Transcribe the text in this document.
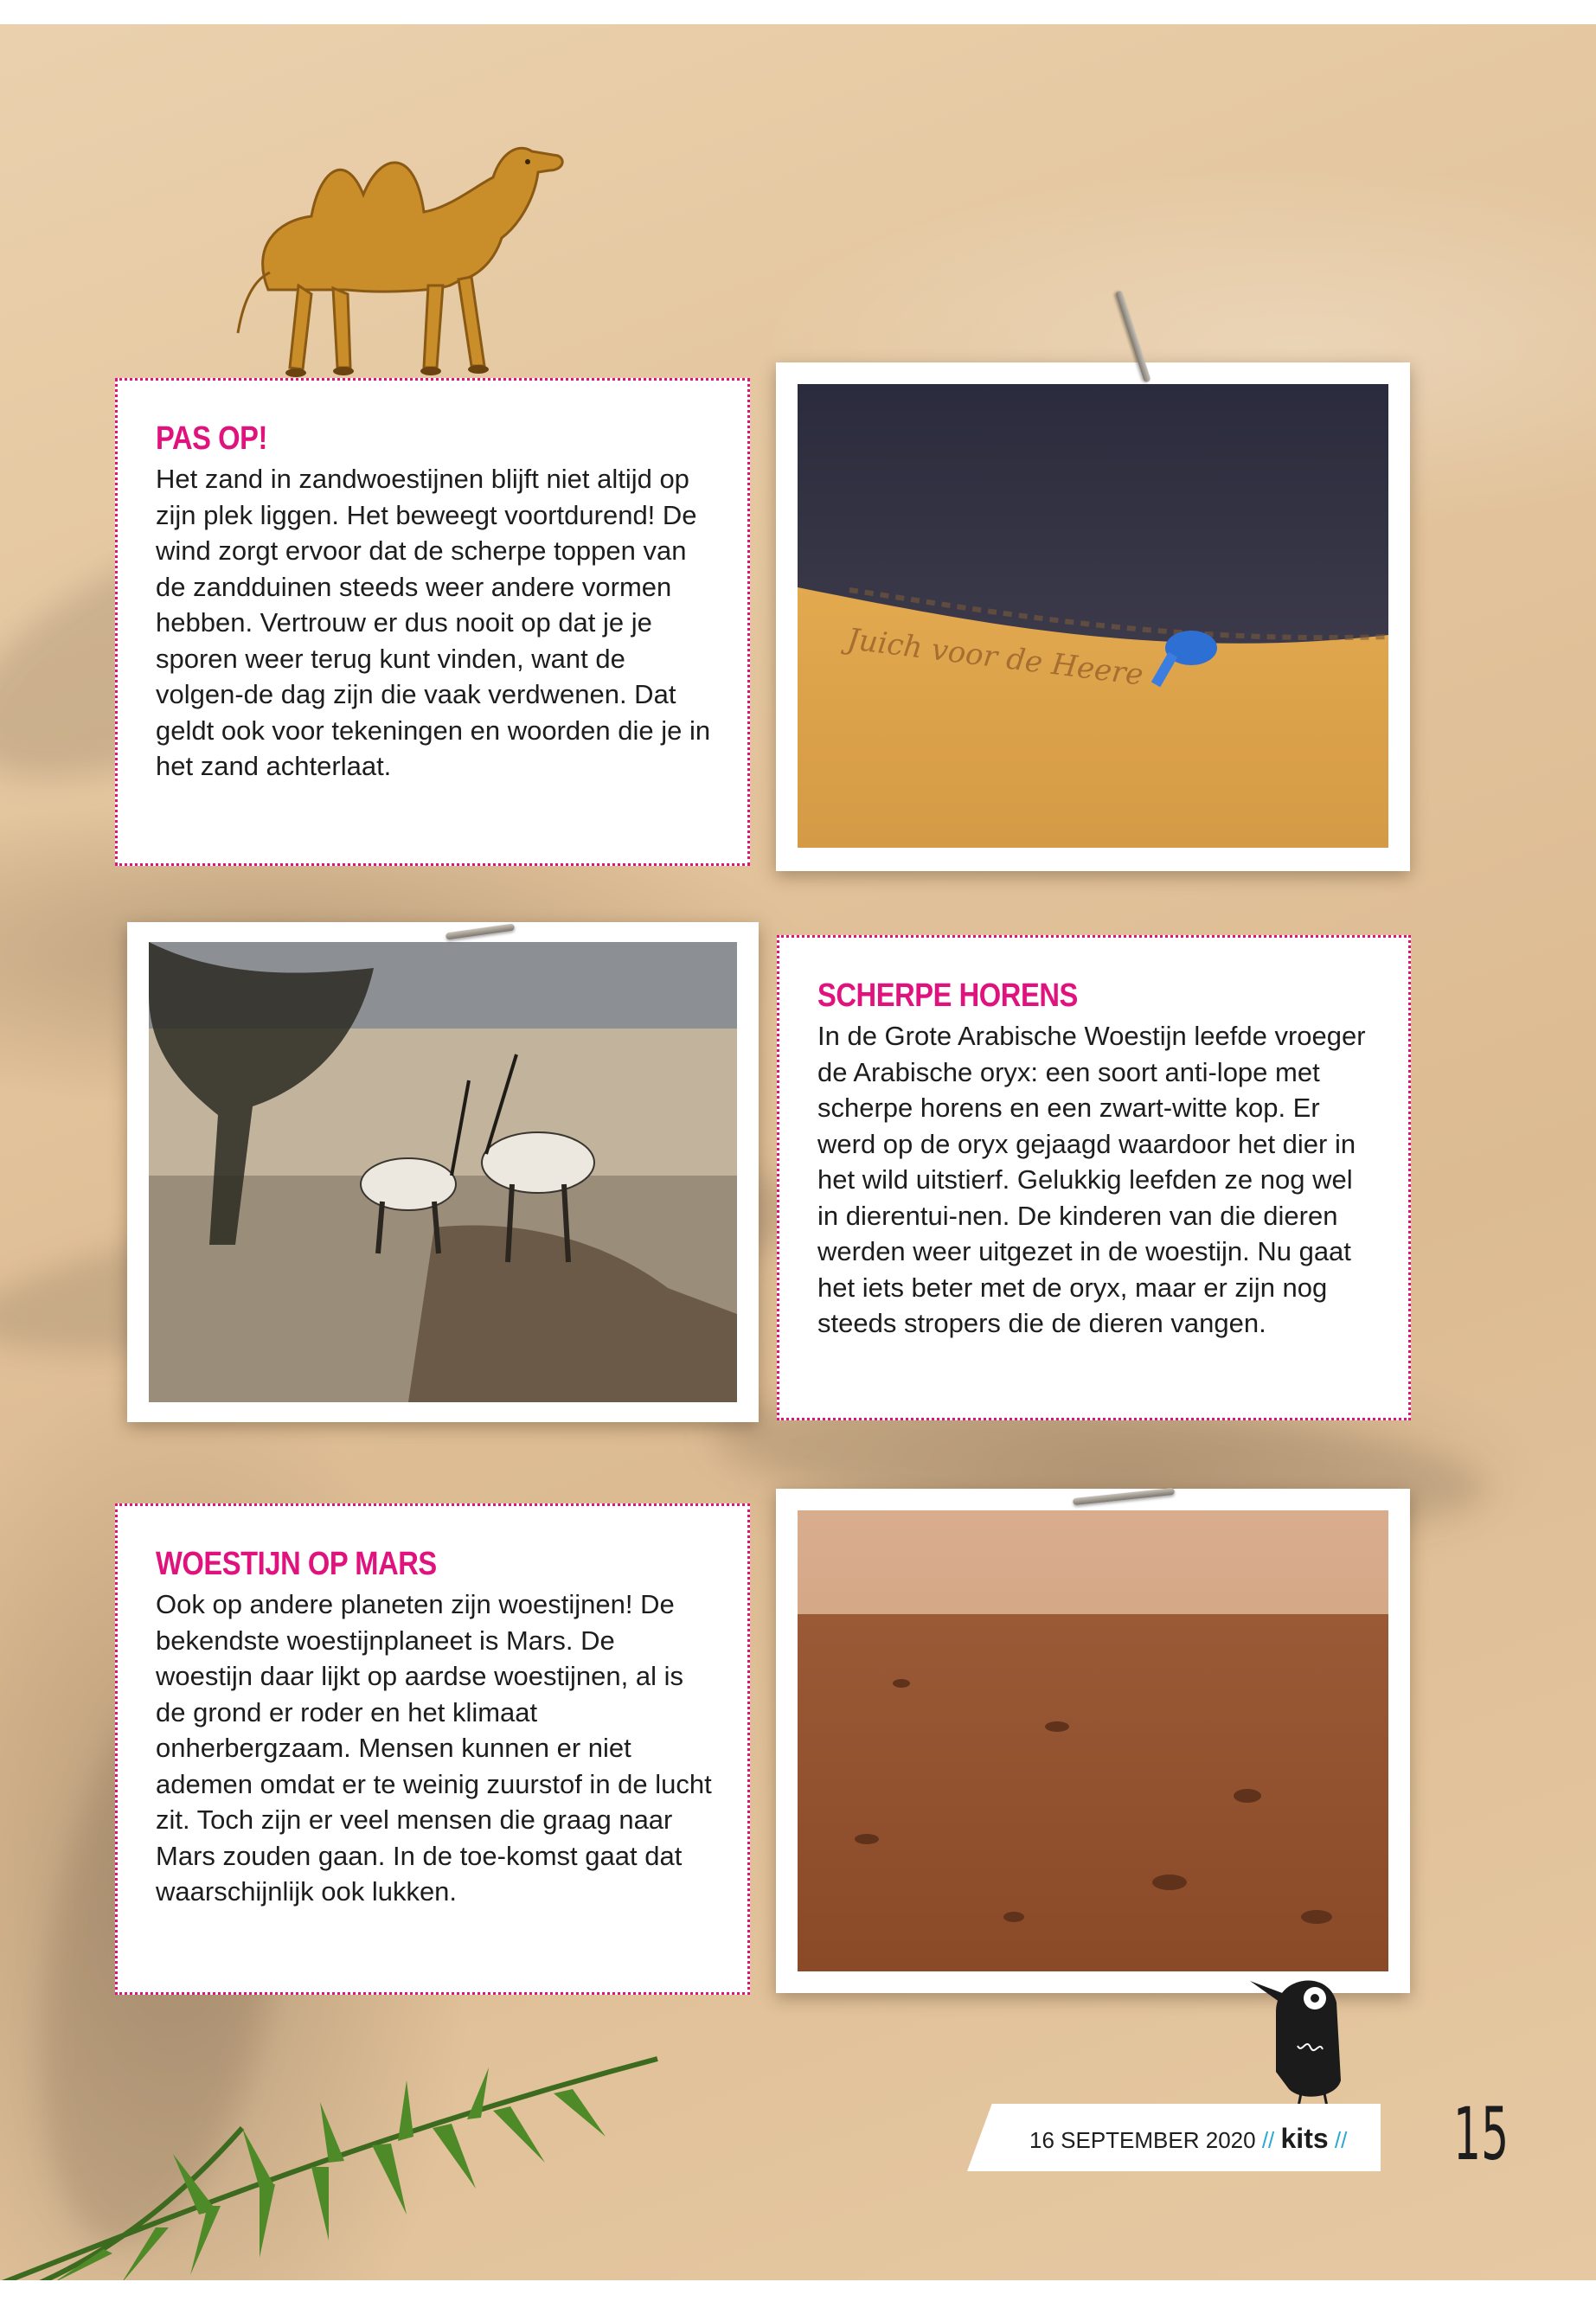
PAS OP!

Het zand in zandwoestijnen blijft niet altijd op zijn plek liggen. Het beweegt voortdurend! De wind zorgt ervoor dat de scherpe toppen van de zandduinen steeds weer andere vormen hebben. Vertrouw er dus nooit op dat je je sporen weer terug kunt vinden, want de volgen-de dag zijn die vaak verdwenen. Dat geldt ook voor tekeningen en woorden die je in het zand achterlaat.

Juich voor de Heere
SCHERPE HORENS

In de Grote Arabische Woestijn leefde vroeger de Arabische oryx: een soort anti-lope met scherpe horens en een zwart-witte kop. Er werd op de oryx gejaagd waardoor het dier in het wild uitstierf. Gelukkig leefden ze nog wel in dierentui-nen. De kinderen van die dieren werden weer uitgezet in de woestijn. Nu gaat het iets beter met de oryx, maar er zijn nog steeds stropers die de dieren vangen.

WOESTIJN OP MARS

Ook op andere planeten zijn woestijnen! De bekendste woestijnplaneet is Mars. De woestijn daar lijkt op aardse woestijnen, al is de grond er roder en het klimaat onherbergzaam. Mensen kunnen er niet ademen omdat er te weinig zuurstof in de lucht zit. Toch zijn er veel mensen die graag naar Mars zouden gaan. In de toe-komst gaat dat waarschijnlijk ook lukken.

16 SEPTEMBER 2020 // kits // 15
